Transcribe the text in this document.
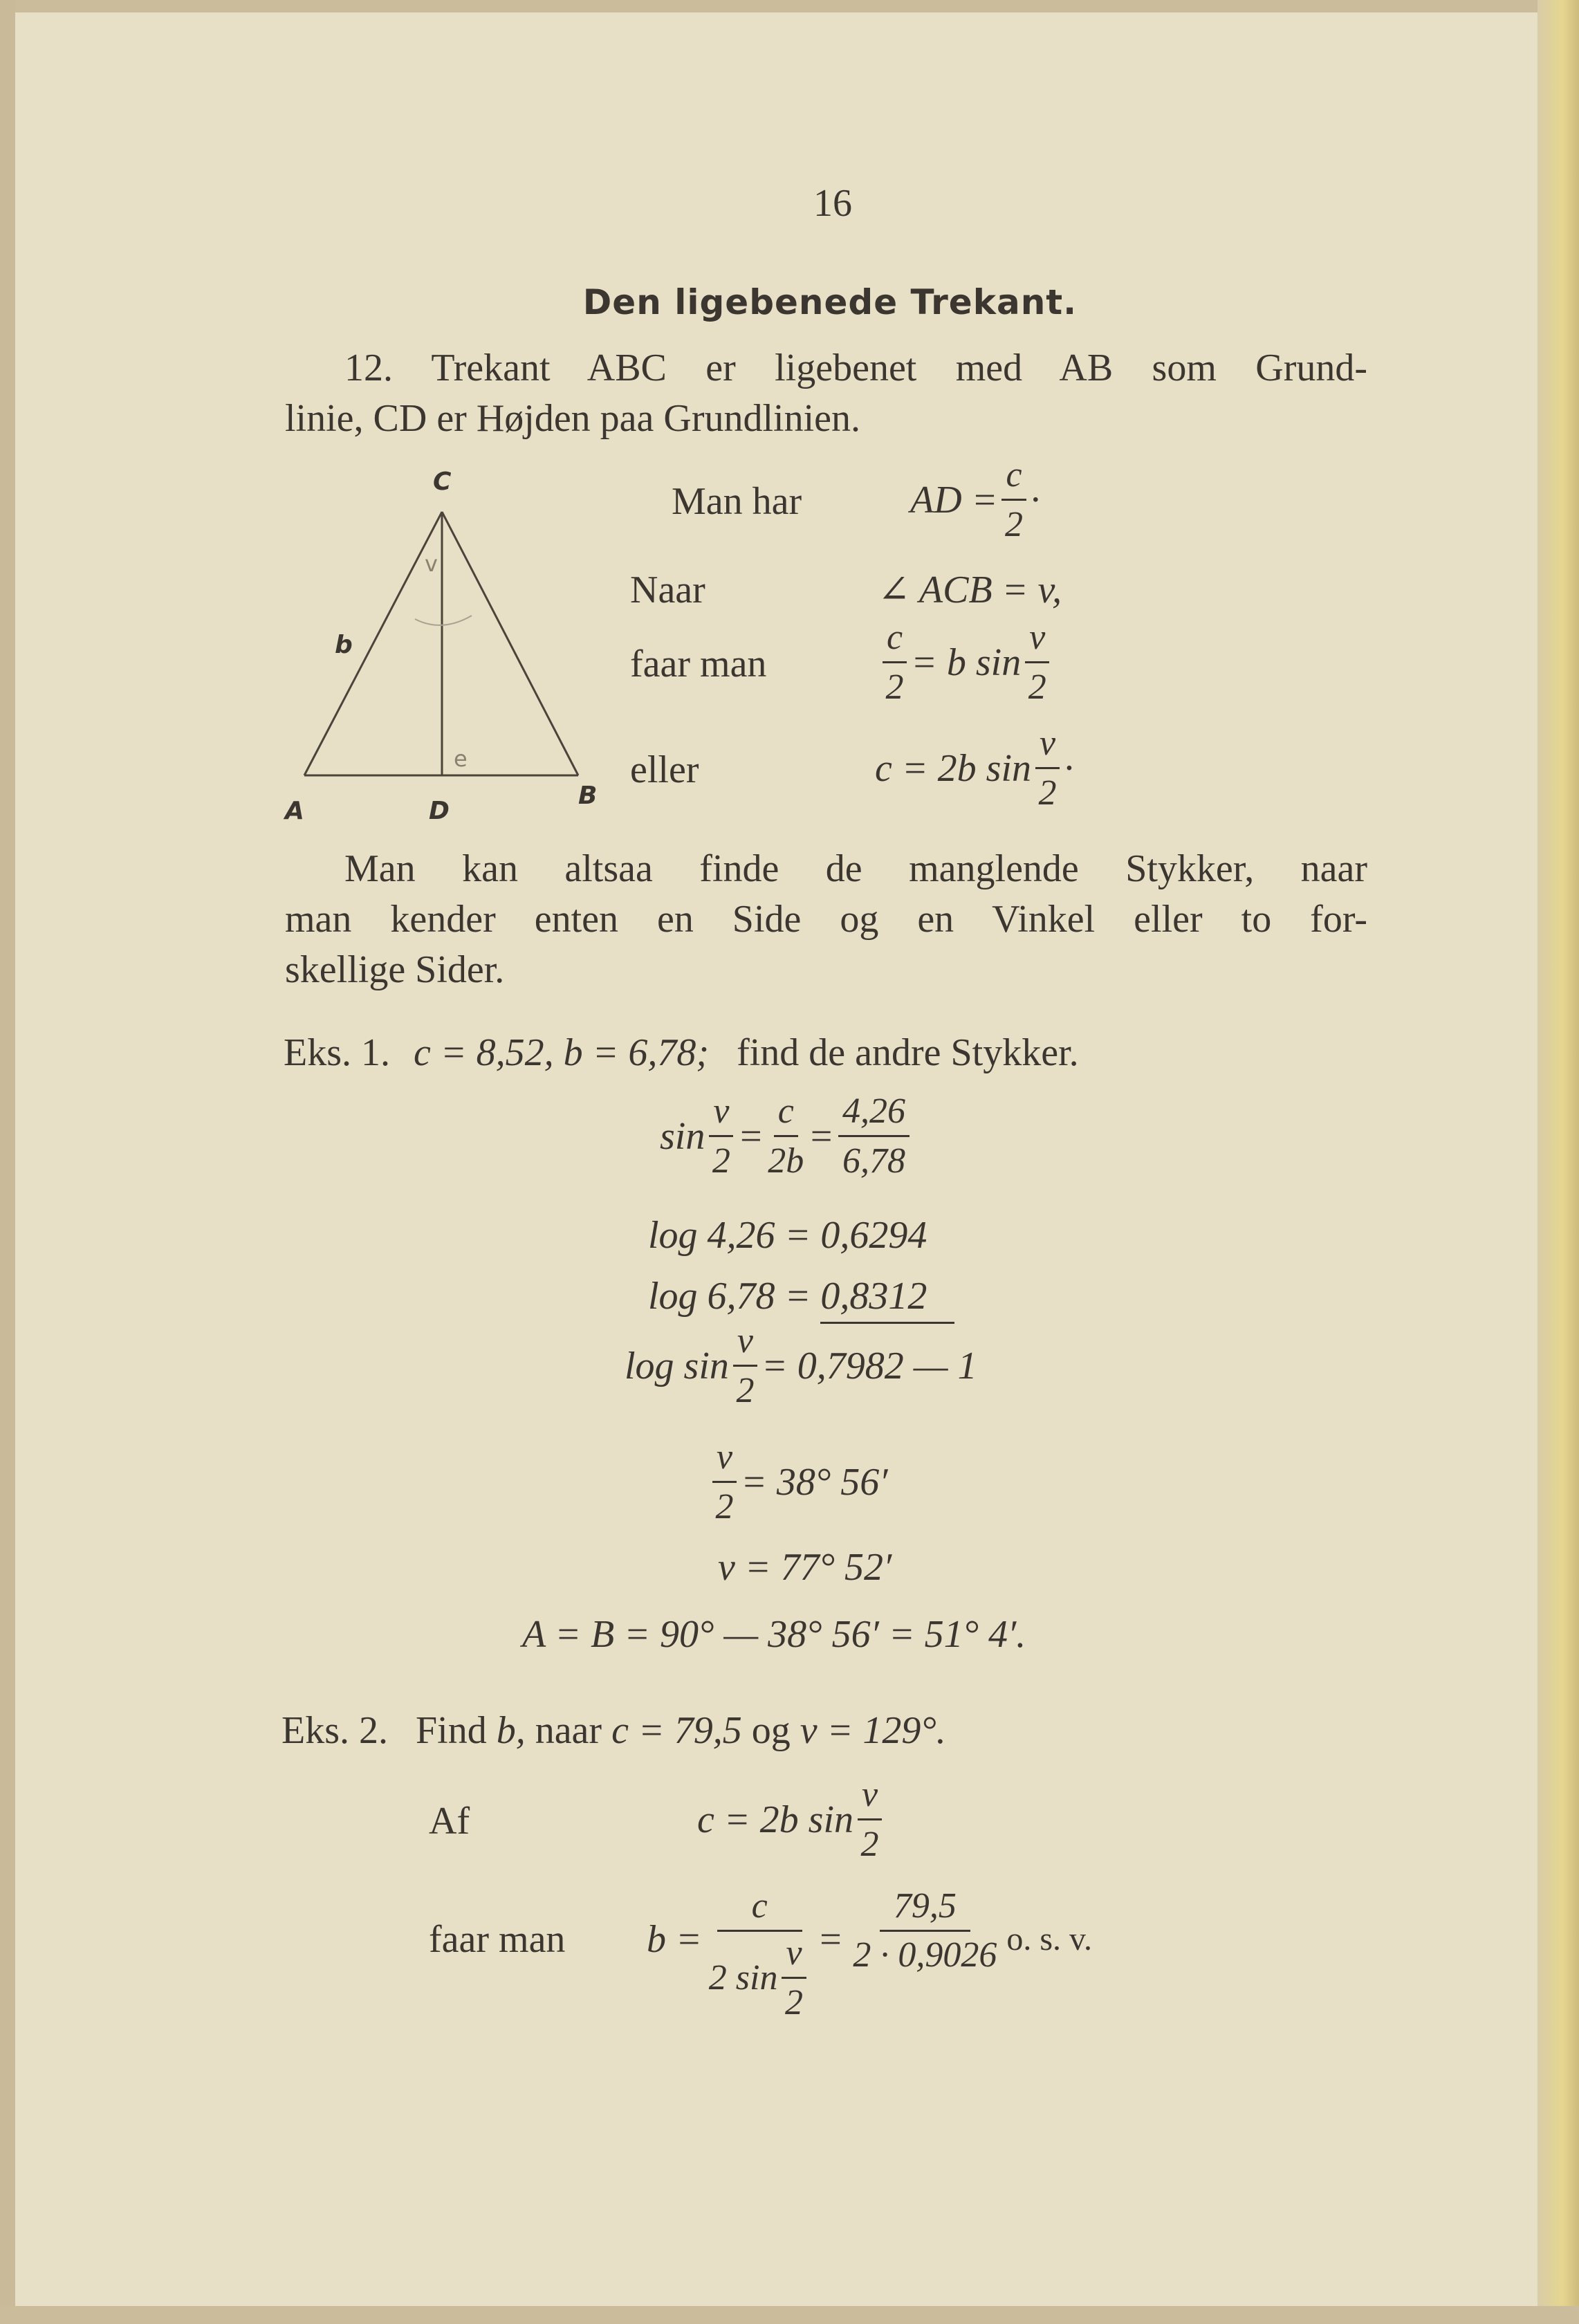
16
Den ligebenede Trekant.
12. Trekant ABC er ligebenet med AB som Grund-
linie, CD er Højden paa Grundlinien.
C
A	D
B
b
v
e
Man har	AD = $\frac{c}{2}$ ·
Naar	∠ ACB = v,
faar man	$\frac{c}{2} = b$ $\sin \frac{v}{2}$
eller	c = 2b $\sin \frac{v}{2}$ ·
Man kan altsaa finde de manglende Stykker, naar
man kender enten en Side og en Vinkel eller to for-
skellige Sider.
Eks. 1. c = 8,52, b = 6,78; find de andre Stykker.
$\sin \frac{v}{2} = \frac{c}{2b} = \frac{4,26}{6,78}$
log 4,26 = 0,6294
log 6,78 = 0,8312
$\log \sin \frac{v}{2} = 0,7982$ — 1
$\frac{v}{2} = 38^\circ$ 56′
v = 77° 52′
A = B = 90° — 38° 56′ = 51° 4′.
Eks. 2. Find b, naar c = 79,5 og v = 129°.
Af	c = 2b $\sin \frac{v}{2}$
faar man $b = \frac{c}{2 \sin \frac{v}{2}} = \frac{79,5}{2 \cdot 0,9026} o$. s. v.
